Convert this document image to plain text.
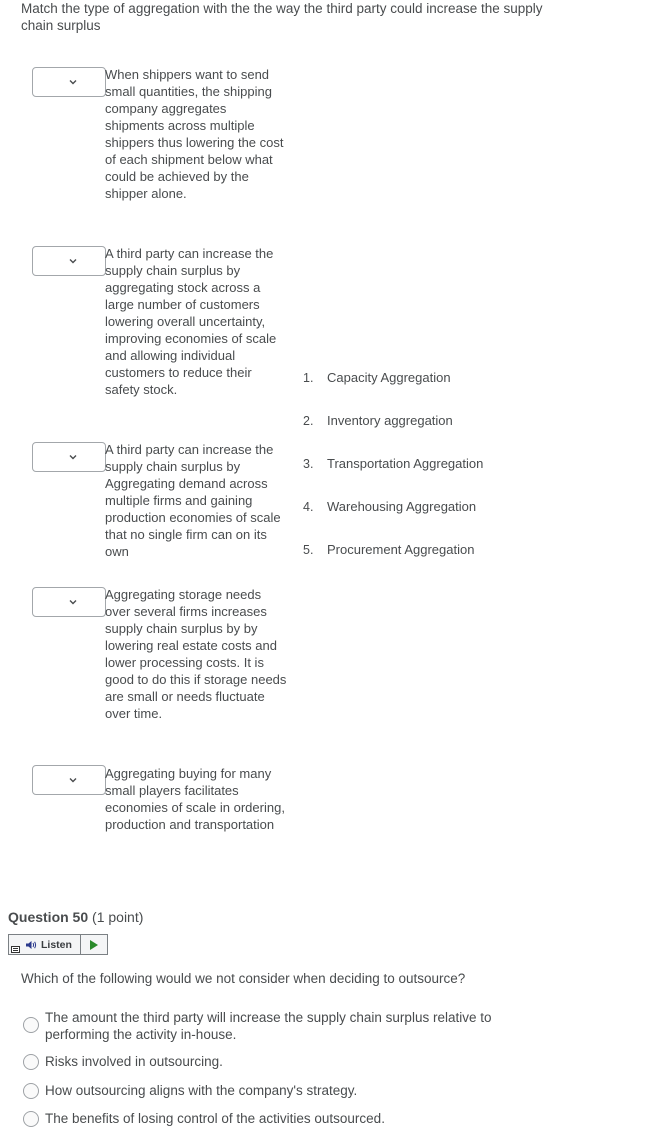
Match the type of aggregation with the the way the third party could increase the supply chain surplus
When shippers want to send small quantities, the shipping company aggregates shipments across multiple shippers thus lowering the cost of each shipment below what could be achieved by the shipper alone.
A third party can increase the supply chain surplus by aggregating stock across a large number of customers lowering overall uncertainty, improving economies of scale and allowing individual customers to reduce their safety stock.
A third party can increase the supply chain surplus by Aggregating demand across multiple firms and gaining production economies of scale that no single firm can on its own
Aggregating storage needs over several firms increases supply chain surplus by by lowering real estate costs and lower processing costs. It is good to do this if storage needs are small or needs fluctuate over time.
Aggregating buying for many small players facilitates economies of scale in ordering, production and transportation
1. Capacity Aggregation
2. Inventory aggregation
3. Transportation Aggregation
4. Warehousing Aggregation
5. Procurement Aggregation
Question 50 (1 point)
Listen
Which of the following would we not consider when deciding to outsource?
The amount the third party will increase the supply chain surplus relative to performing the activity in-house.
Risks involved in outsourcing.
How outsourcing aligns with the company's strategy.
The benefits of losing control of the activities outsourced.
